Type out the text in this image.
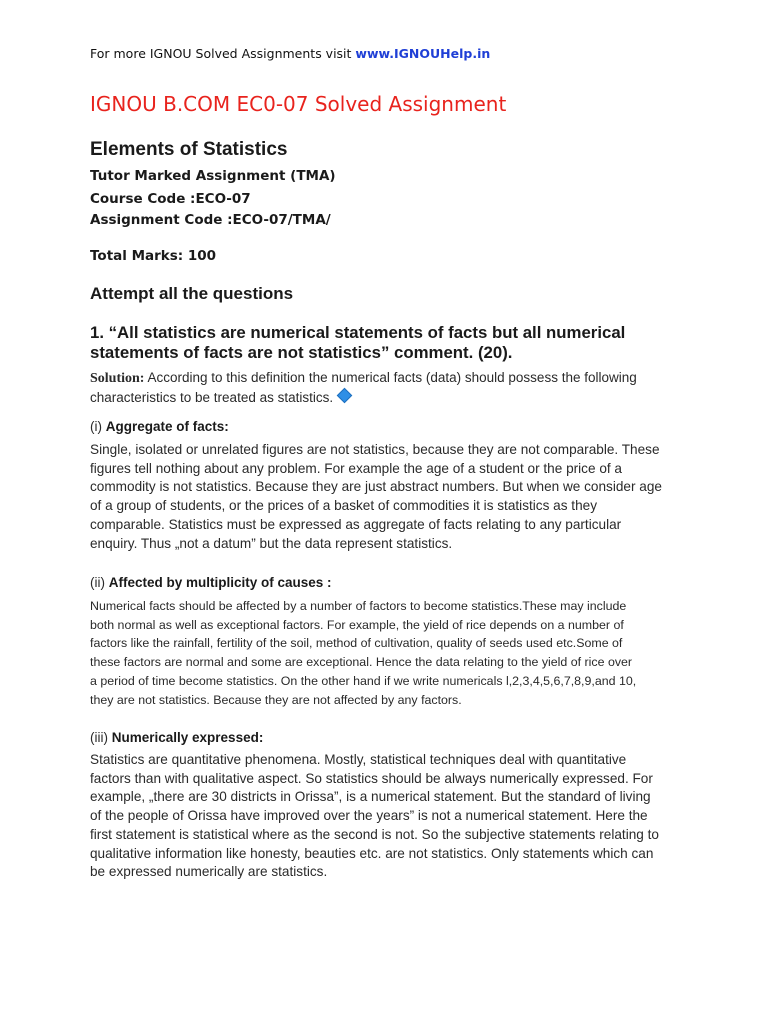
For more IGNOU Solved Assignments visit www.IGNOUHelp.in
IGNOU B.COM EC0-07 Solved Assignment
Elements of Statistics
Tutor Marked Assignment (TMA)
Course Code :ECO-07
Assignment Code :ECO-07/TMA/
Total Marks: 100
Attempt all the questions
1. “All statistics are numerical statements of facts but all numerical statements of facts are not statistics” comment. (20).
Solution: According to this definition the numerical facts (data) should possess the following characteristics to be treated as statistics.
(i) Aggregate of facts:
Single, isolated or unrelated figures are not statistics, because they are not comparable. These
figures tell nothing about any problem. For example the age of a student or the price of a
commodity is not statistics. Because they are just abstract numbers. But when we consider age
of a group of students, or the prices of a basket of commodities it is statistics as they
comparable. Statistics must be expressed as aggregate of facts relating to any particular
enquiry. Thus „not a datum” but the data represent statistics.
(ii) Affected by multiplicity of causes :
Numerical facts should be affected by a number of factors to become statistics.These may include
both normal as well as exceptional factors. For example, the yield of rice depends on a number of
factors like the rainfall, fertility of the soil, method of cultivation, quality of seeds used etc.Some of
these factors are normal and some are exceptional. Hence the data relating to the yield of rice over
a period of time become statistics. On the other hand if we write numericals l,2,3,4,5,6,7,8,9,and 10,
they are not statistics. Because they are not affected by any factors.
(iii) Numerically expressed:
Statistics are quantitative phenomena. Mostly, statistical techniques deal with quantitative
factors than with qualitative aspect. So statistics should be always numerically expressed. For
example, „there are 30 districts in Orissa”, is a numerical statement. But the standard of living
of the people of Orissa have improved over the years” is not a numerical statement. Here the
first statement is statistical where as the second is not. So the subjective statements relating to
qualitative information like honesty, beauties etc. are not statistics. Only statements which can
be expressed numerically are statistics.
